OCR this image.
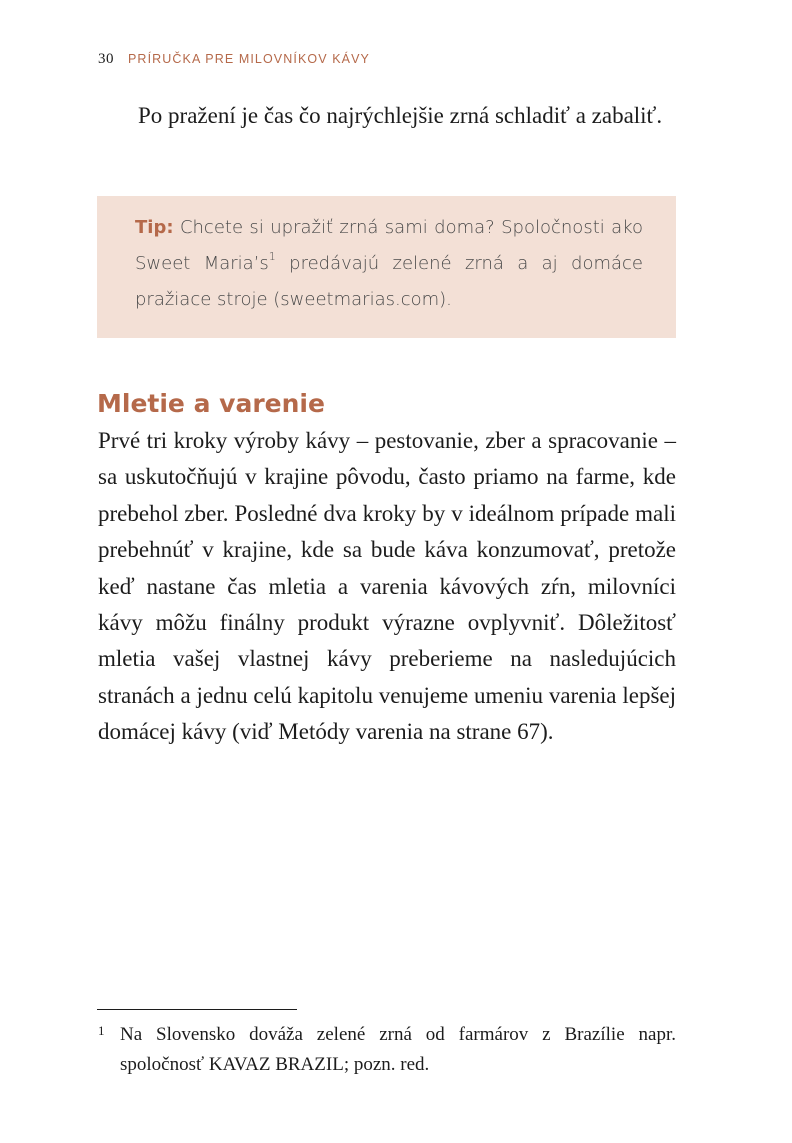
30 PRÍRUČKA PRE MILOVNÍKOV KÁVY

Po pražení je čas čo najrýchlejšie zrná schladiť a zabaliť.

Tip: Chcete si upražiť zrná sami doma? Spoločnosti ako Sweet Maria’s$^1$ predávajú zelené zrná a aj domáce pražiace stroje (sweetmarias.com).

Mletie a varenie

Prvé tri kroky výroby kávy – pestovanie, zber a spracovanie – sa uskutočňujú v krajine pôvodu, často priamo na farme, kde prebehol zber. Posledné dva kroky by v ideálnom prípade mali prebehnúť v krajine, kde sa bude káva konzumovať, pretože keď nastane čas mletia a varenia kávových zŕn, milovníci kávy môžu finálny produkt výrazne ovplyvniť. Dôležitosť mletia vašej vlastnej kávy preberieme na nasledujúcich stranách a jednu celú kapitolu venujeme umeniu varenia lepšej domácej kávy (viď Metódy varenia na strane 67).

1 Na Slovensko dováža zelené zrná od farmárov z Brazílie napr. spoločnosť KAVAZ BRAZIL; pozn. red.
